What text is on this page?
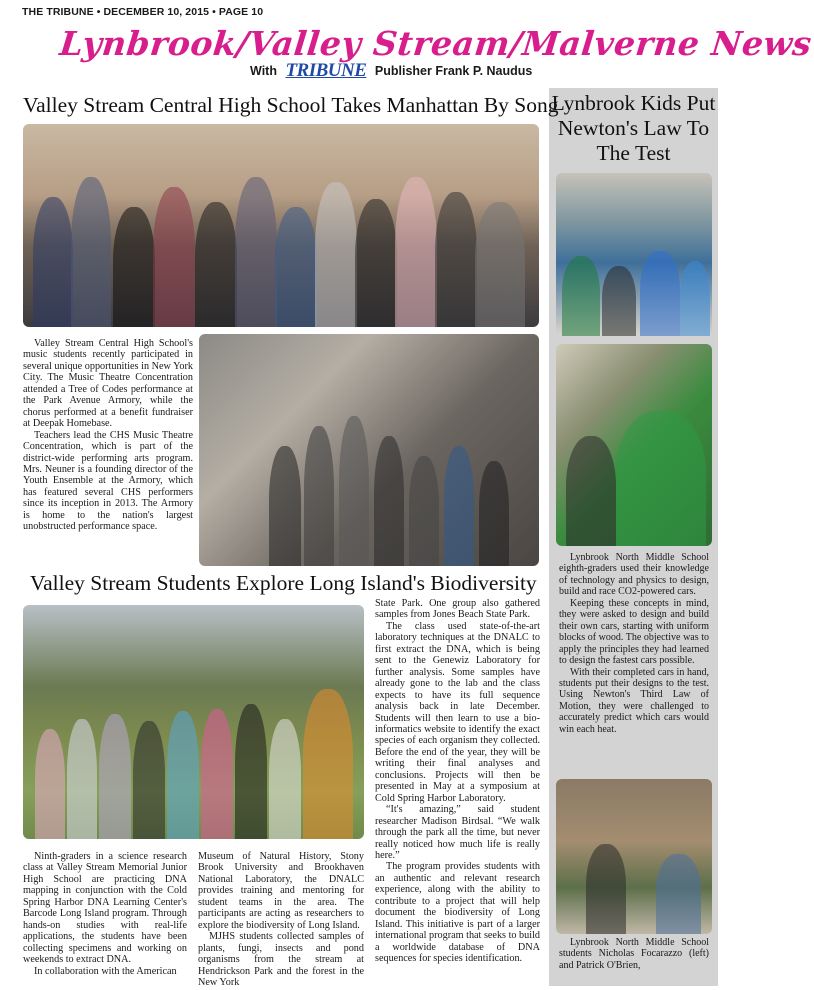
THE TRIBUNE • DECEMBER 10, 2015 • PAGE 10
Lynbrook/Valley Stream/Malverne News
With TRIBUNE Publisher Frank P. Naudus
Lynbrook Kids Put Newton's Law To The Test
Valley Stream Central High School Takes Manhattan By Song

Valley Stream Central High School's music students recently participated in several unique opportunities in New York City. The Music Theatre Concentration attended a Tree of Codes performance at the Park Avenue Armory, while the chorus performed at a benefit fundraiser at Deepak Homebase.

Teachers lead the CHS Music Theatre Concentration, which is part of the district-wide performing arts program. Mrs. Neuner is a founding director of the Youth Ensemble at the Armory, which has featured several CHS performers since its inception in 2013. The Armory is home to the nation's largest unobstructed performance space.

Valley Stream Students Explore Long Island's Biodiversity

Ninth-graders in a science research class at Valley Stream Memorial Junior High School are practicing DNA mapping in conjunction with the Cold Spring Harbor DNA Learning Center's Barcode Long Island program. Through hands-on studies with real-life applications, the students have been collecting specimens and working on weekends to extract DNA.

In collaboration with the American

Museum of Natural History, Stony Brook University and Brookhaven National Laboratory, the DNALC provides training and mentoring for student teams in the area. The participants are acting as researchers to explore the biodiversity of Long Island.

MJHS students collected samples of plants, fungi, insects and pond organisms from the stream at Hendrickson Park and the forest in the New York

State Park. One group also gathered samples from Jones Beach State Park.

The class used state-of-the-art laboratory techniques at the DNALC to first extract the DNA, which is being sent to the Genewiz Laboratory for further analysis. Some samples have already gone to the lab and the class expects to have its full sequence analysis back in late December. Students will then learn to use a bio-informatics website to identify the exact species of each organism they collected. Before the end of the year, they will be writing their final analyses and conclusions. Projects will then be presented in May at a symposium at Cold Spring Harbor Laboratory.

“It's amazing,” said student researcher Madison Birdsal. “We walk through the park all the time, but never really noticed how much life is really here.”

The program provides students with an authentic and relevant research experience, along with the ability to contribute to a project that will help document the biodiversity of Long Island. This initiative is part of a larger international program that seeks to build a worldwide database of DNA sequences for species identification.

Lynbrook North Middle School eighth-graders used their knowledge of technology and physics to design, build and race CO2-powered cars.

Keeping these concepts in mind, they were asked to design and build their own cars, starting with uniform blocks of wood. The objective was to apply the principles they had learned to design the fastest cars possible.

With their completed cars in hand, students put their designs to the test. Using Newton's Third Law of Motion, they were challenged to accurately predict which cars would win each heat.

Lynbrook North Middle School students Nicholas Focarazzo (left) and Patrick O'Brien,
